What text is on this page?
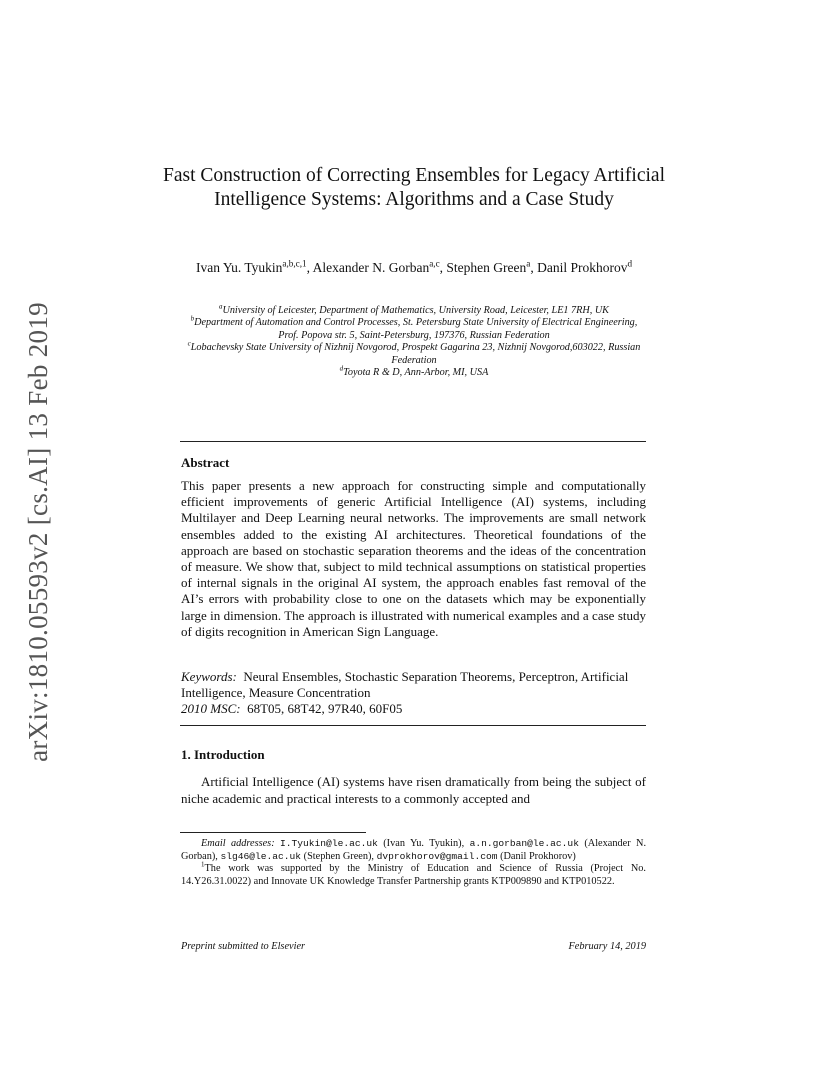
arXiv:1810.05593v2 [cs.AI] 13 Feb 2019
Fast Construction of Correcting Ensembles for Legacy Artificial Intelligence Systems: Algorithms and a Case Study
Ivan Yu. Tyukin$^{a,b,c,1}$, Alexander N. Gorban$^{a,c}$, Stephen Green$^a$, Danil Prokhorov$^d$
$^a$University of Leicester, Department of Mathematics, University Road, Leicester, LE1 7RH, UK
$^b$Department of Automation and Control Processes, St. Petersburg State University of Electrical Engineering, Prof. Popova str. 5, Saint-Petersburg, 197376, Russian Federation
$^c$Lobachevsky State University of Nizhnij Novgorod, Prospekt Gagarina 23, Nizhnij Novgorod,603022, Russian Federation
$^d$Toyota R & D, Ann-Arbor, MI, USA
Abstract
This paper presents a new approach for constructing simple and computationally efficient improvements of generic Artificial Intelligence (AI) systems, including Multilayer and Deep Learning neural networks. The improvements are small network ensembles added to the existing AI architectures. Theoretical foundations of the approach are based on stochastic separation theorems and the ideas of the concentration of measure. We show that, subject to mild technical assumptions on statistical properties of internal signals in the original AI system, the approach enables fast removal of the AI’s errors with probability close to one on the datasets which may be exponentially large in dimension. The approach is illustrated with numerical examples and a case study of digits recognition in American Sign Language.
Keywords: Neural Ensembles, Stochastic Separation Theorems, Perceptron, Artificial Intelligence, Measure Concentration
2010 MSC: 68T05, 68T42, 97R40, 60F05
1. Introduction

Artificial Intelligence (AI) systems have risen dramatically from being the subject of niche academic and practical interests to a commonly accepted and

Email addresses: I.Tyukin@le.ac.uk (Ivan Yu. Tyukin), a.n.gorban@le.ac.uk (Alexander N. Gorban), slg46@le.ac.uk (Stephen Green), dvprokhorov@gmail.com (Danil Prokhorov)

$^1$The work was supported by the Ministry of Education and Science of Russia (Project No. 14.Y26.31.0022) and Innovate UK Knowledge Transfer Partnership grants KTP009890 and KTP010522.

Preprint submitted to Elsevier	February 14, 2019
